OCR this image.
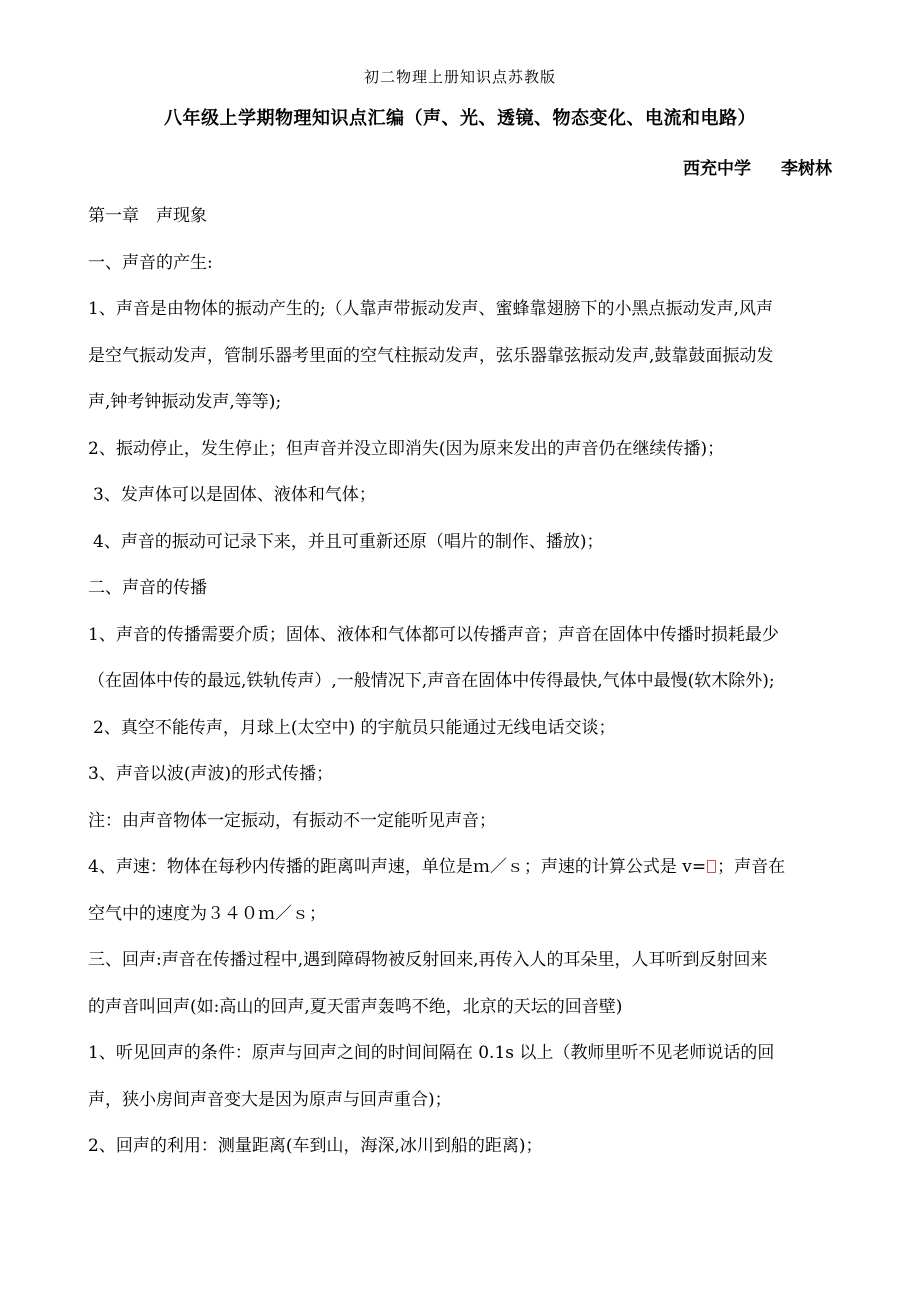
初二物理上册知识点苏教版
八年级上学期物理知识点汇编（声、光、透镜、物态变化、电流和电路）
西充中学 李树林
第一章　声现象
一、声音的产生:
1、声音是由物体的振动产生的;（人靠声带振动发声、蜜蜂靠翅膀下的小黑点振动发声,风声
是空气振动发声，管制乐器考里面的空气柱振动发声，弦乐器靠弦振动发声,鼓靠鼓面振动发
声,钟考钟振动发声,等等);
2、振动停止，发生停止；但声音并没立即消失(因为原来发出的声音仍在继续传播)；
3、发声体可以是固体、液体和气体；
4、声音的振动可记录下来，并且可重新还原（唱片的制作、播放)；
二、声音的传播
1、声音的传播需要介质；固体、液体和气体都可以传播声音；声音在固体中传播时损耗最少
（在固体中传的最远,铁轨传声）,一般情况下,声音在固体中传得最快,气体中最慢(软木除外);
2、真空不能传声，月球上(太空中) 的宇航员只能通过无线电话交谈；
3、声音以波(声波)的形式传播；
注：由声音物体一定振动，有振动不一定能听见声音；
4、声速：物体在每秒内传播的距离叫声速，单位是ｍ／ｓ；声速的计算公式是 v= ；声音在
空气中的速度为３４０ｍ／ｓ；
三、回声:声音在传播过程中,遇到障碍物被反射回来,再传入人的耳朵里，人耳听到反射回来
的声音叫回声(如:高山的回声,夏天雷声轰鸣不绝，北京的天坛的回音壁)
1、听见回声的条件：原声与回声之间的时间间隔在 0.1s 以上（教师里听不见老师说话的回
声，狭小房间声音变大是因为原声与回声重合)；
2、回声的利用：测量距离(车到山，海深,冰川到船的距离)；
